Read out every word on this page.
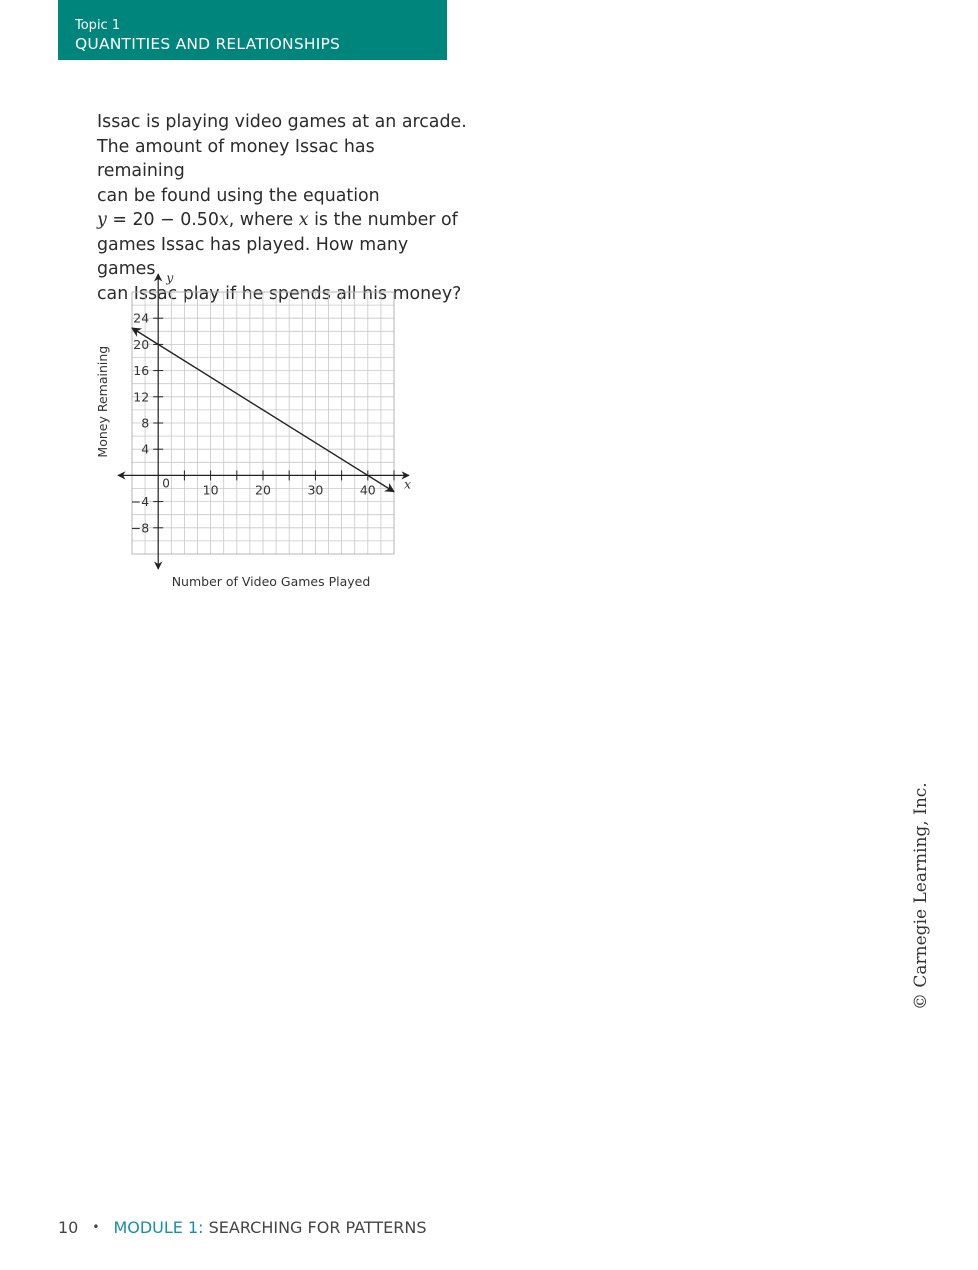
Topic 1
QUANTITIES AND RELATIONSHIPS

Issac is playing video games at an arcade.

The amount of money Issac has remaining

can be found using the equation

y = 20 − 0.50x, where x is the number of

games Issac has played. How many games

can Issac play if he spends all his money?

10	20	30	40
24
20
16
12
8
4
−4
−8
0	x
y
Number of Video Games Played
Money Remaining
© Carnegie Learning, Inc.
10 • MODULE 1: SEARCHING FOR PATTERNS
